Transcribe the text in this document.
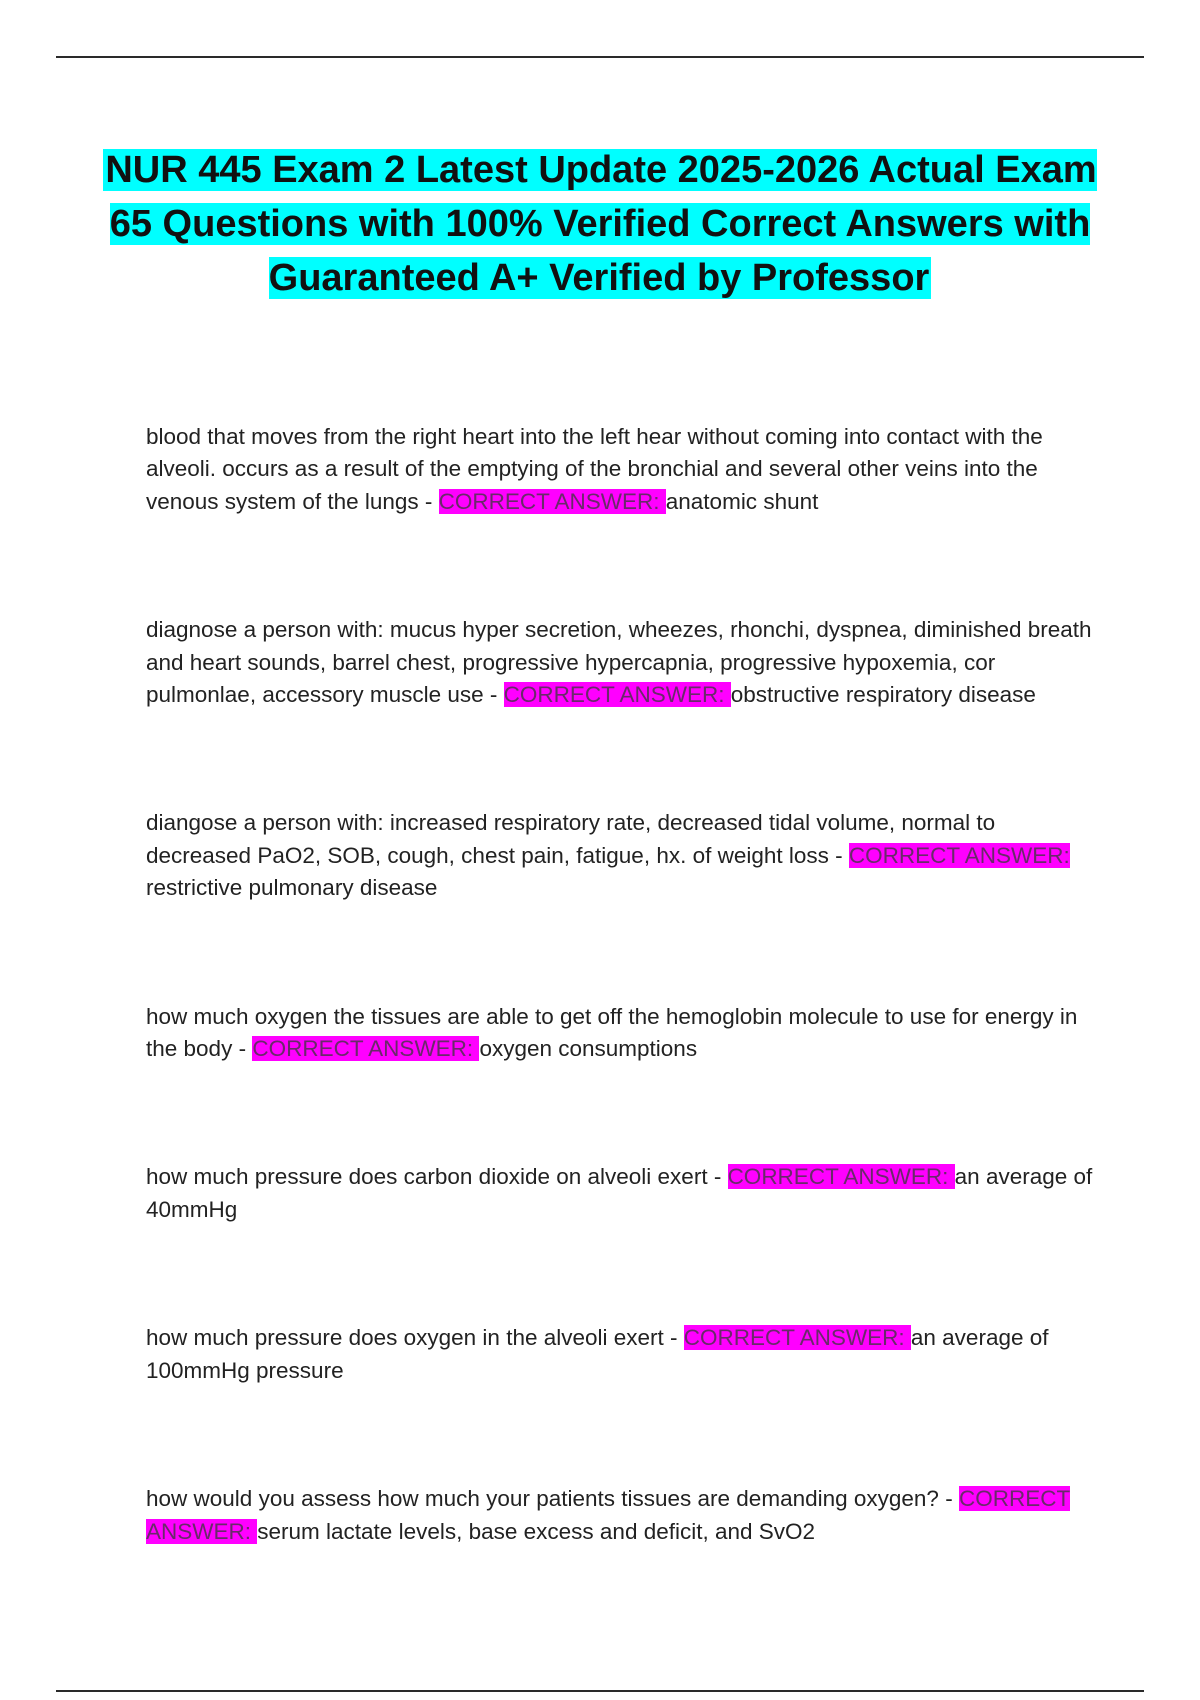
NUR 445 Exam 2 Latest Update 2025-2026 Actual Exam 65 Questions with 100% Verified Correct Answers with Guaranteed A+ Verified by Professor

blood that moves from the right heart into the left hear without coming into contact with the alveoli. occurs as a result of the emptying of the bronchial and several other veins into the venous system of the lungs - CORRECT ANSWER: anatomic shunt

diagnose a person with: mucus hyper secretion, wheezes, rhonchi, dyspnea, diminished breath and heart sounds, barrel chest, progressive hypercapnia, progressive hypoxemia, cor pulmonlae, accessory muscle use - CORRECT ANSWER: obstructive respiratory disease

diangose a person with: increased respiratory rate, decreased tidal volume, normal to decreased PaO2, SOB, cough, chest pain, fatigue, hx. of weight loss - CORRECT ANSWER: restrictive pulmonary disease

how much oxygen the tissues are able to get off the hemoglobin molecule to use for energy in the body - CORRECT ANSWER: oxygen consumptions

how much pressure does carbon dioxide on alveoli exert - CORRECT ANSWER: an average of 40mmHg

how much pressure does oxygen in the alveoli exert - CORRECT ANSWER: an average of 100mmHg pressure

how would you assess how much your patients tissues are demanding oxygen? - CORRECT ANSWER: serum lactate levels, base excess and deficit, and SvO2
